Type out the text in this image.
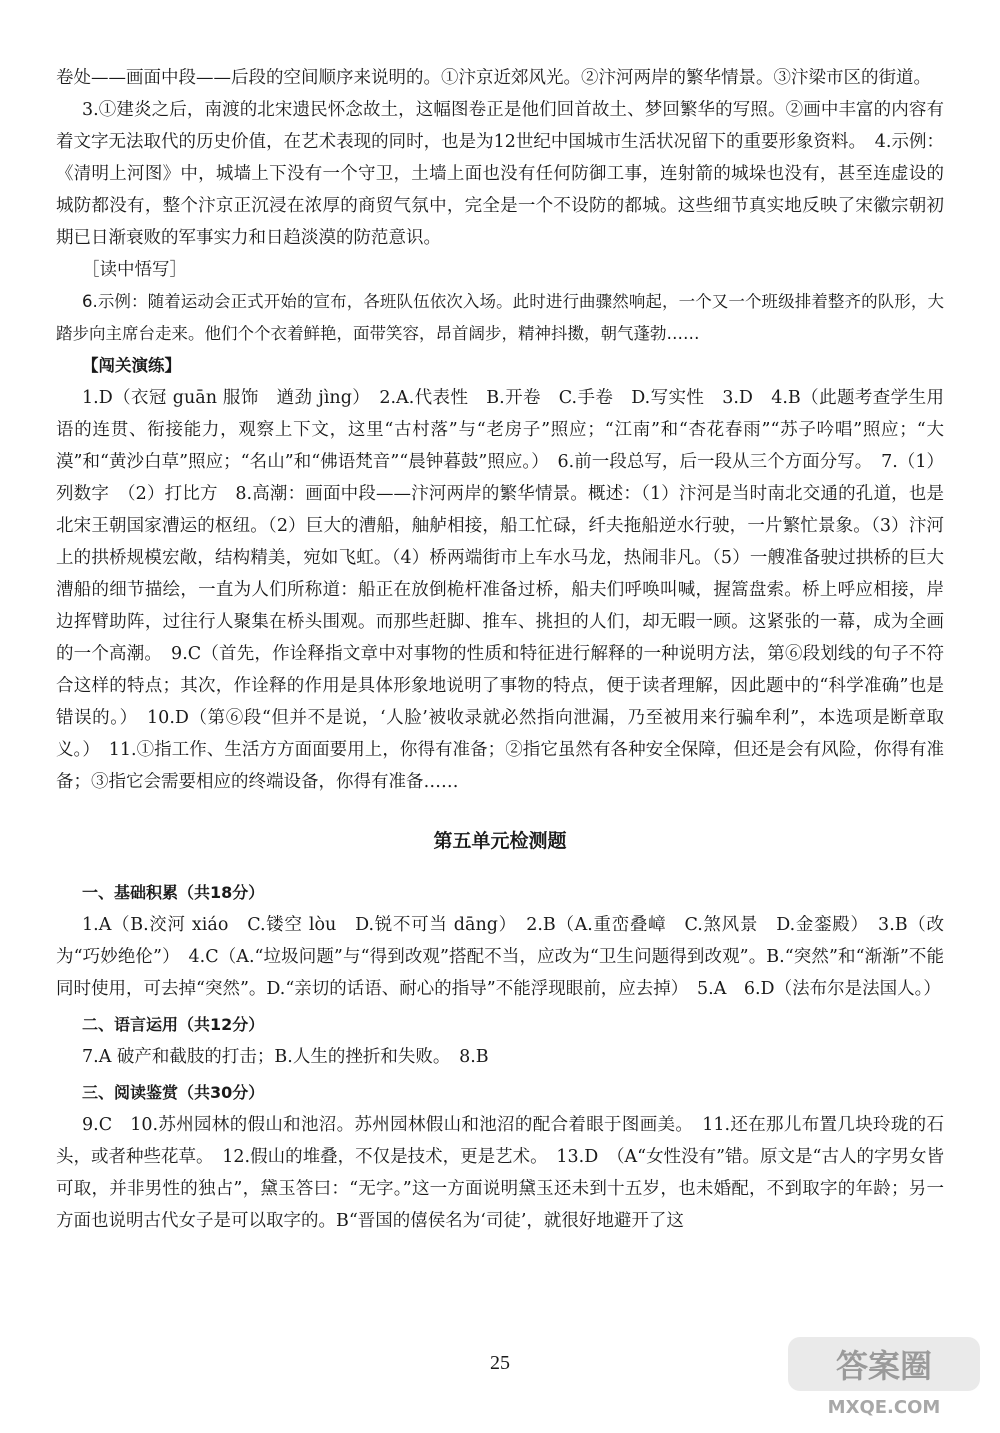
卷处——画面中段——后段的空间顺序来说明的。①汴京近郊风光。②汴河两岸的繁华情景。③汴梁市区的街道。

3.①建炎之后，南渡的北宋遗民怀念故土，这幅图卷正是他们回首故土、梦回繁华的写照。②画中丰富的内容有着文字无法取代的历史价值，在艺术表现的同时，也是为12世纪中国城市生活状况留下的重要形象资料。　4.示例：《清明上河图》中，城墙上下没有一个守卫，土墙上面也没有任何防御工事，连射箭的城垛也没有，甚至连虚设的城防都没有，整个汴京正沉浸在浓厚的商贸气氛中，完全是一个不设防的都城。这些细节真实地反映了宋徽宗朝初期已日渐衰败的军事实力和日趋淡漠的防范意识。

［读中悟写］

6.示例：随着运动会正式开始的宣布，各班队伍依次入场。此时进行曲骤然响起，一个又一个班级排着整齐的队形，大踏步向主席台走来。他们个个衣着鲜艳，面带笑容，昂首阔步，精神抖擞，朝气蓬勃……

【闯关演练】

1.D（衣冠 guān 服饰　遒劲 jìng）　2.A.代表性　B.开卷　C.手卷　D.写实性　3.D　4.B（此题考查学生用语的连贯、衔接能力，观察上下文，这里“古村落”与“老房子”照应；“江南”和“杏花春雨”“苏子吟唱”照应；“大漠”和“黄沙白草”照应；“名山”和“佛语梵音”“晨钟暮鼓”照应。）　6.前一段总写，后一段从三个方面分写。　7.（1）列数字　（2）打比方　8.高潮：画面中段——汴河两岸的繁华情景。概述：（1）汴河是当时南北交通的孔道，也是北宋王朝国家漕运的枢纽。（2）巨大的漕船，舳舻相接，船工忙碌，纤夫拖船逆水行驶，一片繁忙景象。（3）汴河上的拱桥规模宏敞，结构精美，宛如飞虹。（4）桥两端街市上车水马龙，热闹非凡。（5）一艘准备驶过拱桥的巨大漕船的细节描绘，一直为人们所称道：船正在放倒桅杆准备过桥，船夫们呼唤叫喊，握篙盘索。桥上呼应相接，岸边挥臂助阵，过往行人聚集在桥头围观。而那些赶脚、推车、挑担的人们，却无暇一顾。这紧张的一幕，成为全画的一个高潮。　9.C（首先，作诠释指文章中对事物的性质和特征进行解释的一种说明方法，第⑥段划线的句子不符合这样的特点；其次，作诠释的作用是具体形象地说明了事物的特点，便于读者理解，因此题中的“科学准确”也是错误的。）　10.D（第⑥段“但并不是说，‘人脸’被收录就必然指向泄漏，乃至被用来行骗牟利”，本选项是断章取义。）　11.①指工作、生活方方面面要用上，你得有准备；②指它虽然有各种安全保障，但还是会有风险，你得有准备；③指它会需要相应的终端设备，你得有准备……

第五单元检测题

一、基础积累（共18分）

1.A（B.洨河 xiáo　C.镂空 lòu　D.锐不可当 dāng）　2.B（A.重峦叠嶂　C.煞风景　D.金銮殿）　3.B（改为“巧妙绝伦”）　4.C（A.“垃圾问题”与“得到改观”搭配不当，应改为“卫生问题得到改观”。B.“突然”和“渐渐”不能同时使用，可去掉“突然”。D.“亲切的话语、耐心的指导”不能浮现眼前，应去掉）　5.A　6.D（法布尔是法国人。）

二、语言运用（共12分）

7.A 破产和截肢的打击；B.人生的挫折和失败。　8.B

三、阅读鉴赏（共30分）

9.C　10.苏州园林的假山和池沼。苏州园林假山和池沼的配合着眼于图画美。　11.还在那儿布置几块玲珑的石头，或者种些花草。　12.假山的堆叠，不仅是技术，更是艺术。　13.D　（A“女性没有”错。原文是“古人的字男女皆可取，并非男性的独占”，黛玉答曰：“无字。”这一方面说明黛玉还未到十五岁，也未婚配，不到取字的年龄；另一方面也说明古代女子是可以取字的。B“晋国的僖侯名为‘司徒’，就很好地避开了这

25	答案圈
MXQE.COM
